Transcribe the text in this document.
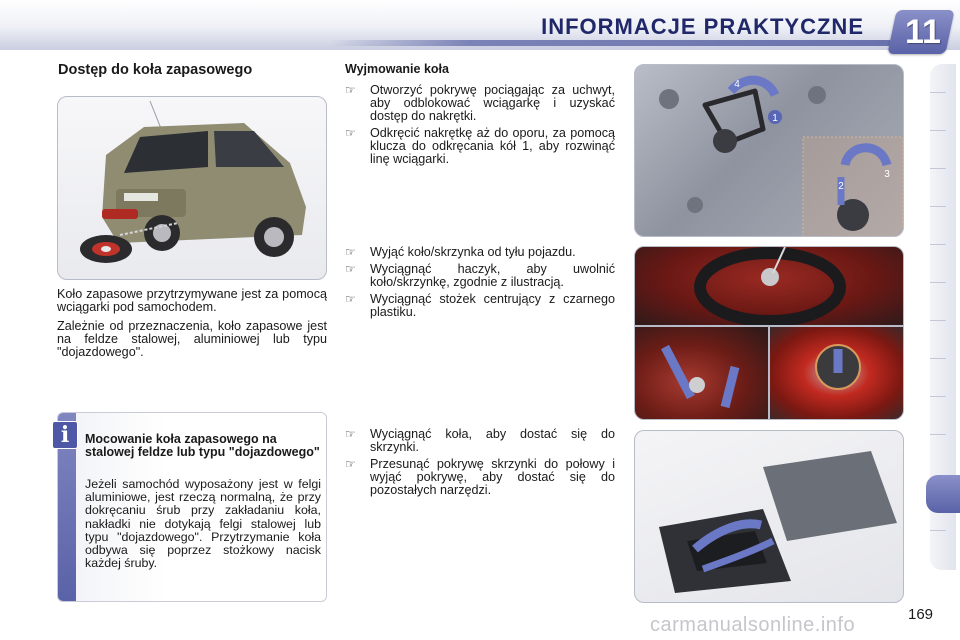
INFORMACJE PRAKTYCZNE 11
Dostęp do koła zapasowego

Koło zapasowe przytrzymywane jest za pomocą wciągarki pod samochodem.

Zależnie od przeznaczenia, koło zapasowe jest na feldze stalowej, aluminiowej lub typu "dojazdowego".

i	Mocowanie koła zapasowego na stalowej feldze lub typu "dojazdowego"
Jeżeli samochód wyposażony jest w felgi aluminiowe, jest rzeczą normalną, że przy dokręcaniu śrub przy zakładaniu koła, nakładki nie dotykają felgi stalowej lub typu "dojazdowego". Przytrzymanie koła odbywa się poprzez stożkowy nacisk każdej śruby.
Wyjmowanie koła
☞	Otworzyć pokrywę pociągając za uchwyt, aby odblokować wciągarkę i uzyskać dostęp do nakrętki.
☞	Odkręcić nakrętkę aż do oporu, za pomocą klucza do odkręcania kół 1, aby rozwinąć linę wciągarki.
☞	Wyjąć koło/skrzynka od tyłu pojazdu.
☞	Wyciągnąć haczyk, aby uwolnić koło/skrzynkę, zgodnie z ilustracją.
☞	Wyciągnąć stożek centrujący z czarnego plastiku.
☞	Wyciągnąć koła, aby dostać się do skrzynki.
☞	Przesunąć pokrywę skrzynki do połowy i wyjąć pokrywę, aby dostać się do pozostałych narzędzi.
1
4
2
3
carmanualsonline.info	169
